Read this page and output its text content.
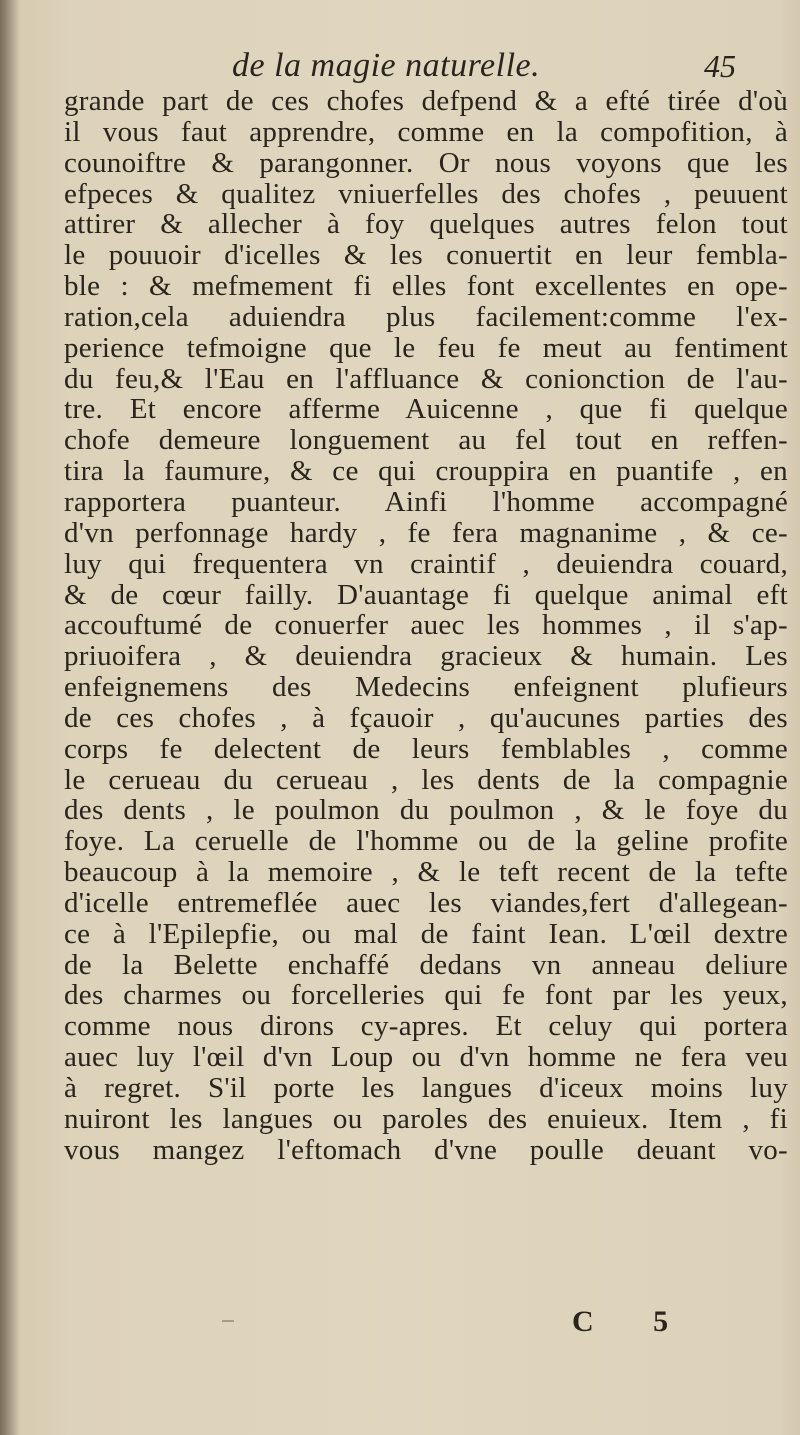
de la magie naturelle.	45
grande part de ces chofes defpend & a efté tirée d'où
il vous faut apprendre, comme en la compofition, à
counoiftre & parangonner. Or nous voyons que les
efpeces & qualitez vniuerfelles des chofes , peuuent
attirer & allecher à foy quelques autres felon tout
le pouuoir d'icelles & les conuertit en leur fembla-
ble : & mefmement fi elles font excellentes en ope-
ration,cela aduiendra plus facilement:comme l'ex-
perience tefmoigne que le feu fe meut au fentiment
du feu,& l'Eau en l'affluance & conionction de l'au-
tre. Et encore afferme Auicenne , que fi quelque
chofe demeure longuement au fel tout en reffen-
tira la faumure, & ce qui crouppira en puantife , en
rapportera puanteur. Ainfi l'homme accompagné
d'vn perfonnage hardy , fe fera magnanime , & ce-
luy qui frequentera vn craintif , deuiendra couard,
& de cœur failly. D'auantage fi quelque animal eft
accouftumé de conuerfer auec les hommes , il s'ap-
priuoifera , & deuiendra gracieux & humain. Les
enfeignemens des Medecins enfeignent plufieurs
de ces chofes , à fçauoir , qu'aucunes parties des
corps fe delectent de leurs femblables , comme
le cerueau du cerueau , les dents de la compagnie
des dents , le poulmon du poulmon , & le foye du
foye. La ceruelle de l'homme ou de la geline profite
beaucoup à la memoire , & le teft recent de la tefte
d'icelle entremeflée auec les viandes,fert d'allegean-
ce à l'Epilepfie, ou mal de faint Iean. L'œil dextre
de la Belette enchaffé dedans vn anneau deliure
des charmes ou forcelleries qui fe font par les yeux,
comme nous dirons cy-apres. Et celuy qui portera
auec luy l'œil d'vn Loup ou d'vn homme ne fera veu
à regret. S'il porte les langues d'iceux moins luy
nuiront les langues ou paroles des enuieux. Item , fi
vous mangez l'eftomach d'vne poulle deuant vo-
C 5
